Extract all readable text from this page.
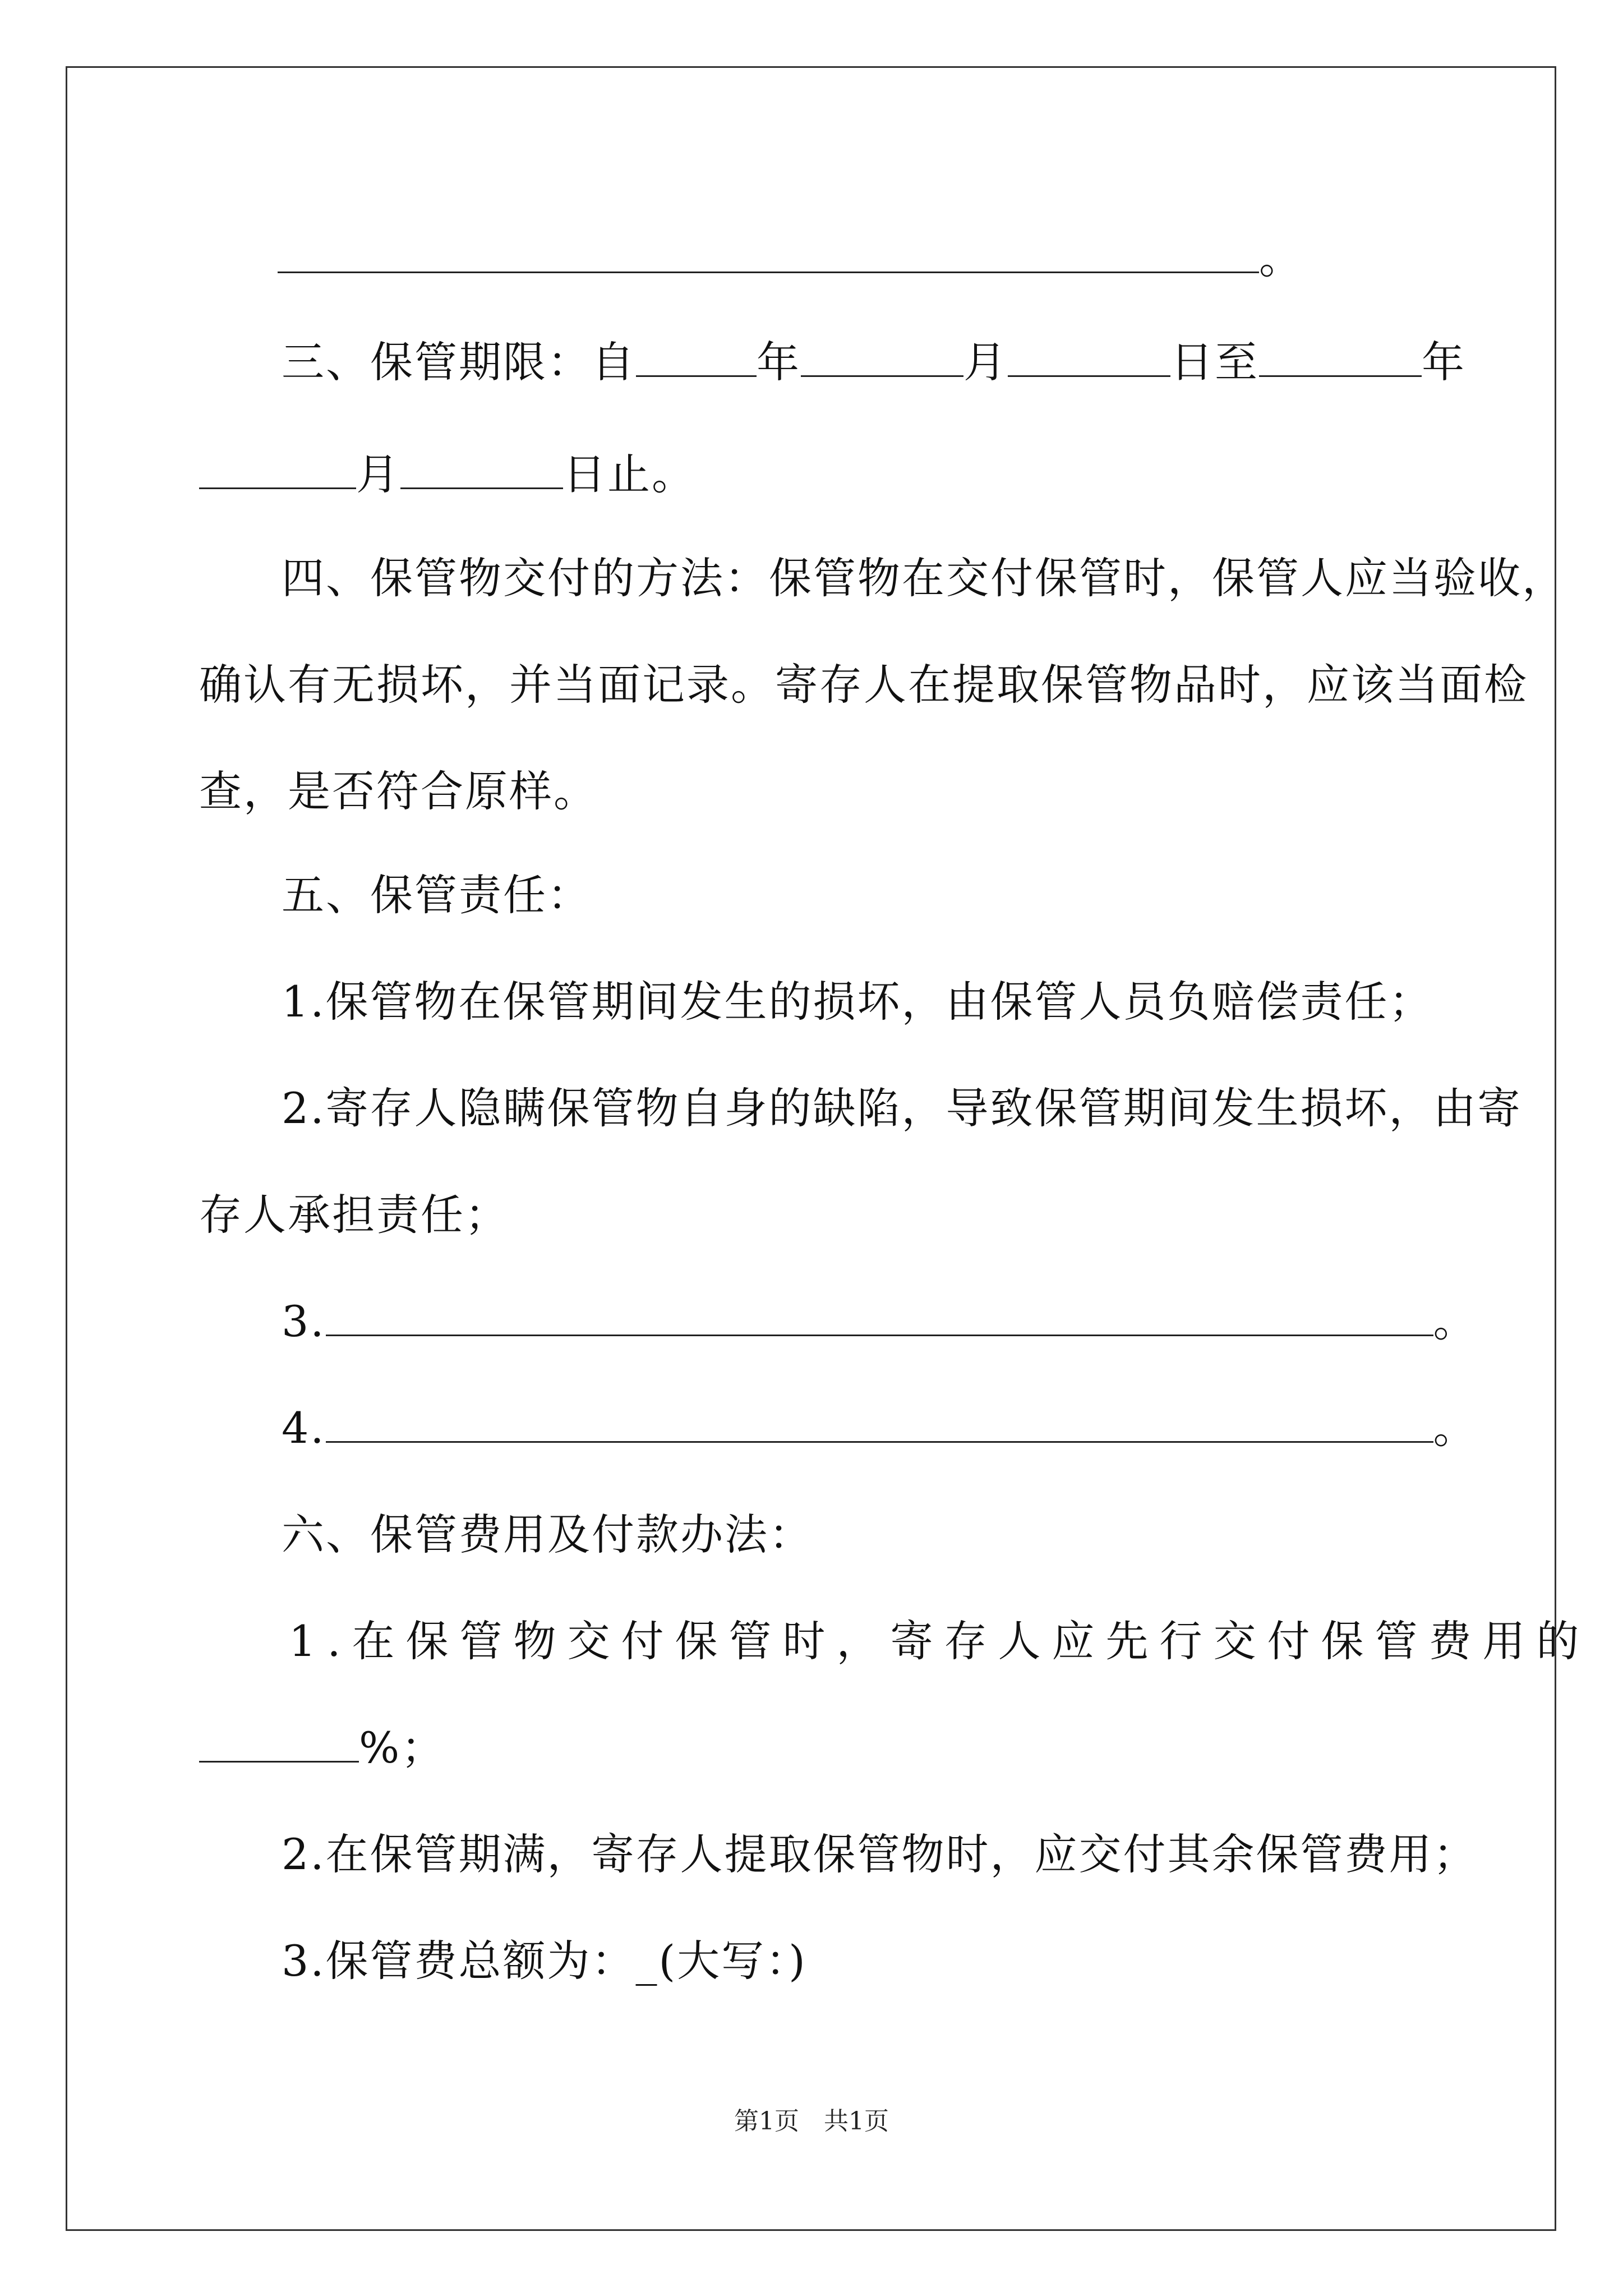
。
三、保管期限：自	年	月	日至	年
月	日止。
四、保管物交付的方法：保管物在交付保管时，保管人应当验收，
确认有无损坏，并当面记录。寄存人在提取保管物品时，应该当面检
查，是否符合原样。
五、保管责任：
1.保管物在保管期间发生的损坏，由保管人员负赔偿责任；
2.寄存人隐瞒保管物自身的缺陷，导致保管期间发生损坏，由寄
存人承担责任；
3.	。
4.	。
六、保管费用及付款办法：
1.在保管物交付保管时，寄存人应先行交付保管费用的
%；
2.在保管期满，寄存人提取保管物时，应交付其余保管费用；
3.保管费总额为：_(大写：)
第1页　共1页
